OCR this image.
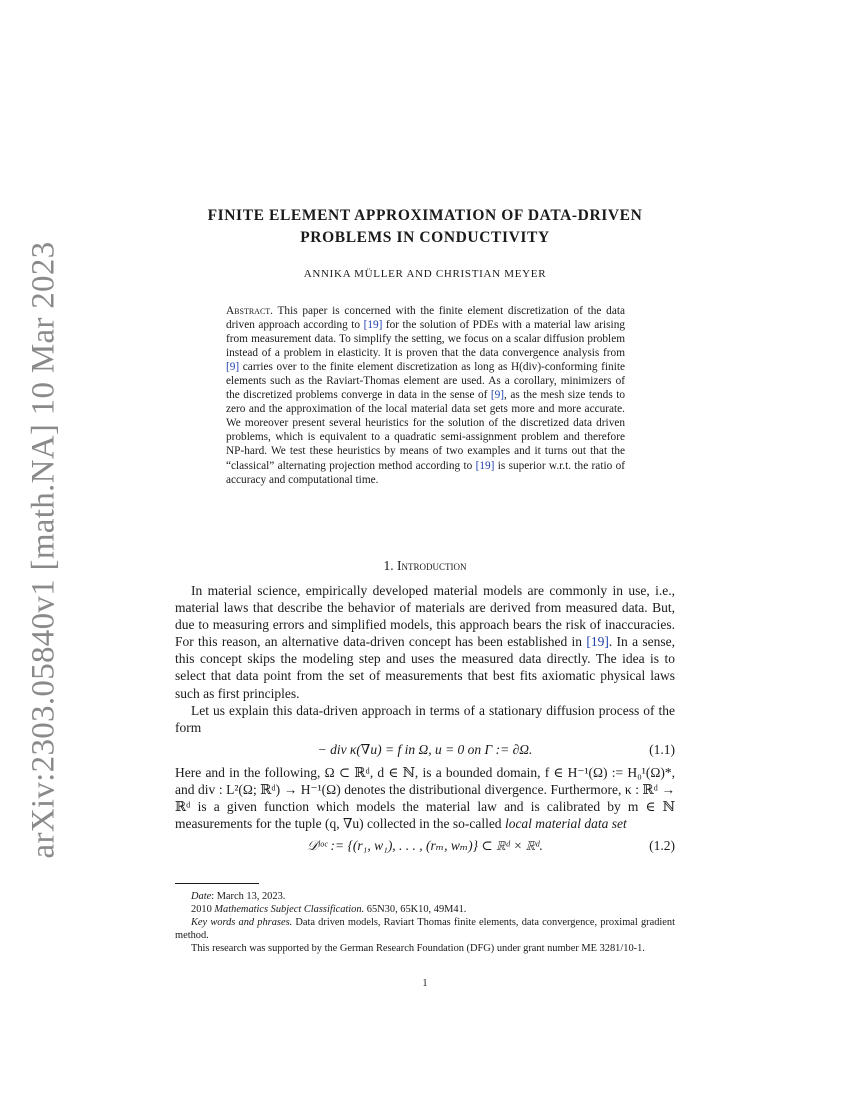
arXiv:2303.05840v1 [math.NA] 10 Mar 2023
FINITE ELEMENT APPROXIMATION OF DATA-DRIVEN
PROBLEMS IN CONDUCTIVITY
ANNIKA MÜLLER AND CHRISTIAN MEYER
Abstract. This paper is concerned with the finite element discretization of the data driven approach according to [19] for the solution of PDEs with a material law arising from measurement data. To simplify the setting, we focus on a scalar diffusion problem instead of a problem in elasticity. It is proven that the data convergence analysis from [9] carries over to the finite element discretization as long as H(div)-conforming finite elements such as the Raviart-Thomas element are used. As a corollary, minimizers of the discretized problems converge in data in the sense of [9], as the mesh size tends to zero and the approximation of the local material data set gets more and more accurate. We moreover present several heuristics for the solution of the discretized data driven problems, which is equivalent to a quadratic semi-assignment problem and therefore NP-hard. We test these heuristics by means of two examples and it turns out that the “classical” alternating projection method according to [19] is superior w.r.t. the ratio of accuracy and computational time.
1. Introduction

In material science, empirically developed material models are commonly in use, i.e., material laws that describe the behavior of materials are derived from measured data. But, due to measuring errors and simplified models, this approach bears the risk of inaccuracies. For this reason, an alternative data-driven concept has been established in [19]. In a sense, this concept skips the modeling step and uses the measured data directly. The idea is to select that data point from the set of measurements that best fits axiomatic physical laws such as first principles.

Let us explain this data-driven approach in terms of a stationary diffusion process of the form

− div κ(∇u) = f in Ω, u = 0 on Γ := ∂Ω.	(1.1)

Here and in the following, Ω ⊂ ℝᵈ, d ∈ ℕ, is a bounded domain, f ∈ H⁻¹(Ω) := H₀¹(Ω)*, and div : L²(Ω; ℝᵈ) → H⁻¹(Ω) denotes the distributional divergence. Furthermore, κ : ℝᵈ → ℝᵈ is a given function which models the material law and is calibrated by m ∈ ℕ measurements for the tuple (q, ∇u) collected in the so-called local material data set

𝒟ˡᵒᶜ := {(r₁, w₁), . . . , (rₘ, wₘ)} ⊂ ℝᵈ × ℝᵈ.	(1.2)

Date: March 13, 2023.

2010 Mathematics Subject Classification. 65N30, 65K10, 49M41.

Key words and phrases. Data driven models, Raviart Thomas finite elements, data convergence, proximal gradient method.

This research was supported by the German Research Foundation (DFG) under grant number ME 3281/10-1.

1
